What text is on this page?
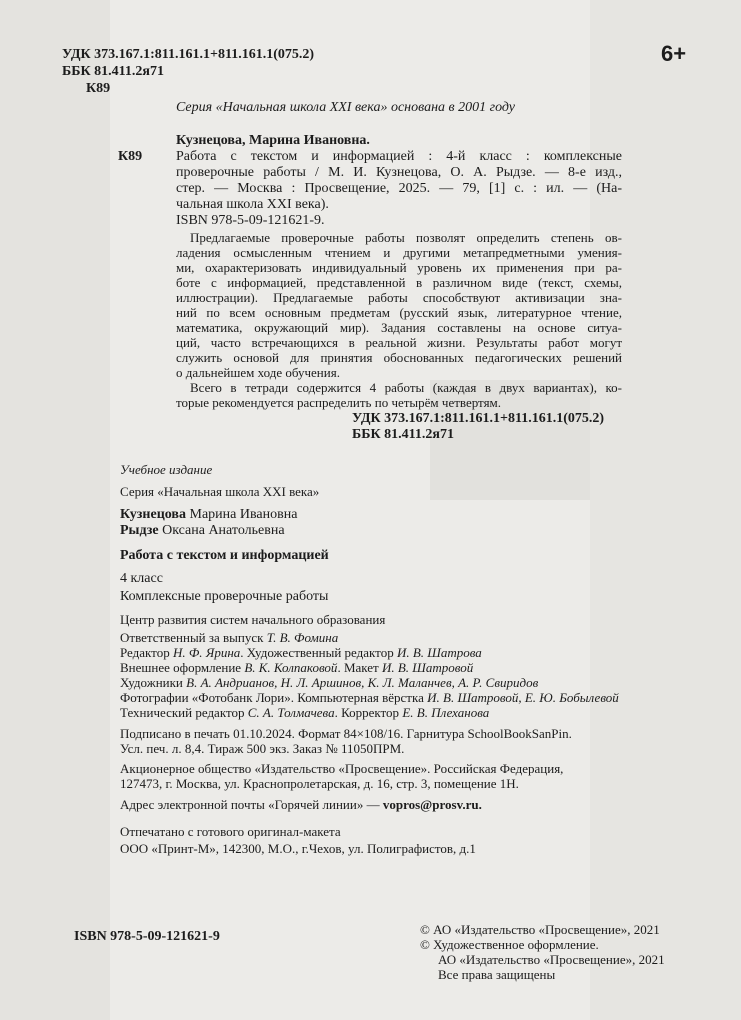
УДК 373.167.1:811.161.1+811.161.1(075.2)
ББК 81.411.2я71
К89
6+
Серия «Начальная школа XXI века» основана в 2001 году
Кузнецова, Марина Ивановна.
К89 Работа с текстом и информацией : 4-й класс : комплексные
проверочные работы / М. И. Кузнецова, О. А. Рыдзе. — 8-е изд.,
стер. — Москва : Просвещение, 2025. — 79, [1] с. : ил. — (На-
чальная школа XXI века).
ISBN 978-5-09-121621-9.
Предлагаемые проверочные работы позволят определить степень ов-
ладения осмысленным чтением и другими метапредметными умения-
ми, охарактеризовать индивидуальный уровень их применения при ра-
боте с информацией, представленной в различном виде (текст, схемы,
иллюстрации). Предлагаемые работы способствуют активизации зна-
ний по всем основным предметам (русский язык, литературное чтение,
математика, окружающий мир). Задания составлены на основе ситуа-
ций, часто встречающихся в реальной жизни. Результаты работ могут
служить основой для принятия обоснованных педагогических решений
о дальнейшем ходе обучения.
Всего в тетради содержится 4 работы (каждая в двух вариантах), ко-
торые рекомендуется распределить по четырём четвертям.
УДК 373.167.1:811.161.1+811.161.1(075.2)
ББК 81.411.2я71
Учебное издание
Серия «Начальная школа XXI века»
Кузнецова Марина Ивановна
Рыдзе Оксана Анатольевна
Работа с текстом и информацией
4 класс
Комплексные проверочные работы
Центр развития систем начального образования
Ответственный за выпуск Т. В. Фомина
Редактор Н. Ф. Ярина. Художественный редактор И. В. Шатрова
Внешнее оформление В. К. Колпаковой. Макет И. В. Шатровой
Художники В. А. Андрианов, Н. Л. Аршинов, К. Л. Маланчев, А. Р. Свиридов
Фотографии «Фотобанк Лори». Компьютерная вёрстка И. В. Шатровой, Е. Ю. Бобылевой
Технический редактор С. А. Толмачева. Корректор Е. В. Плеханова
Подписано в печать 01.10.2024. Формат 84×108/16. Гарнитура SchoolBookSanPin.
Усл. печ. л. 8,4. Тираж 500 экз. Заказ № 11050ПРМ.
Акционерное общество «Издательство «Просвещение». Российская Федерация,
127473, г. Москва, ул. Краснопролетарская, д. 16, стр. 3, помещение 1Н.
Адрес электронной почты «Горячей линии» — vopros@prosv.ru.
Отпечатано с готового оригинал-макета
ООО «Принт-М», 142300, М.О., г.Чехов, ул. Полиграфистов, д.1
ISBN 978-5-09-121621-9	© АО «Издательство «Просвещение», 2021
© Художественное оформление.
АО «Издательство «Просвещение», 2021
Все права защищены
